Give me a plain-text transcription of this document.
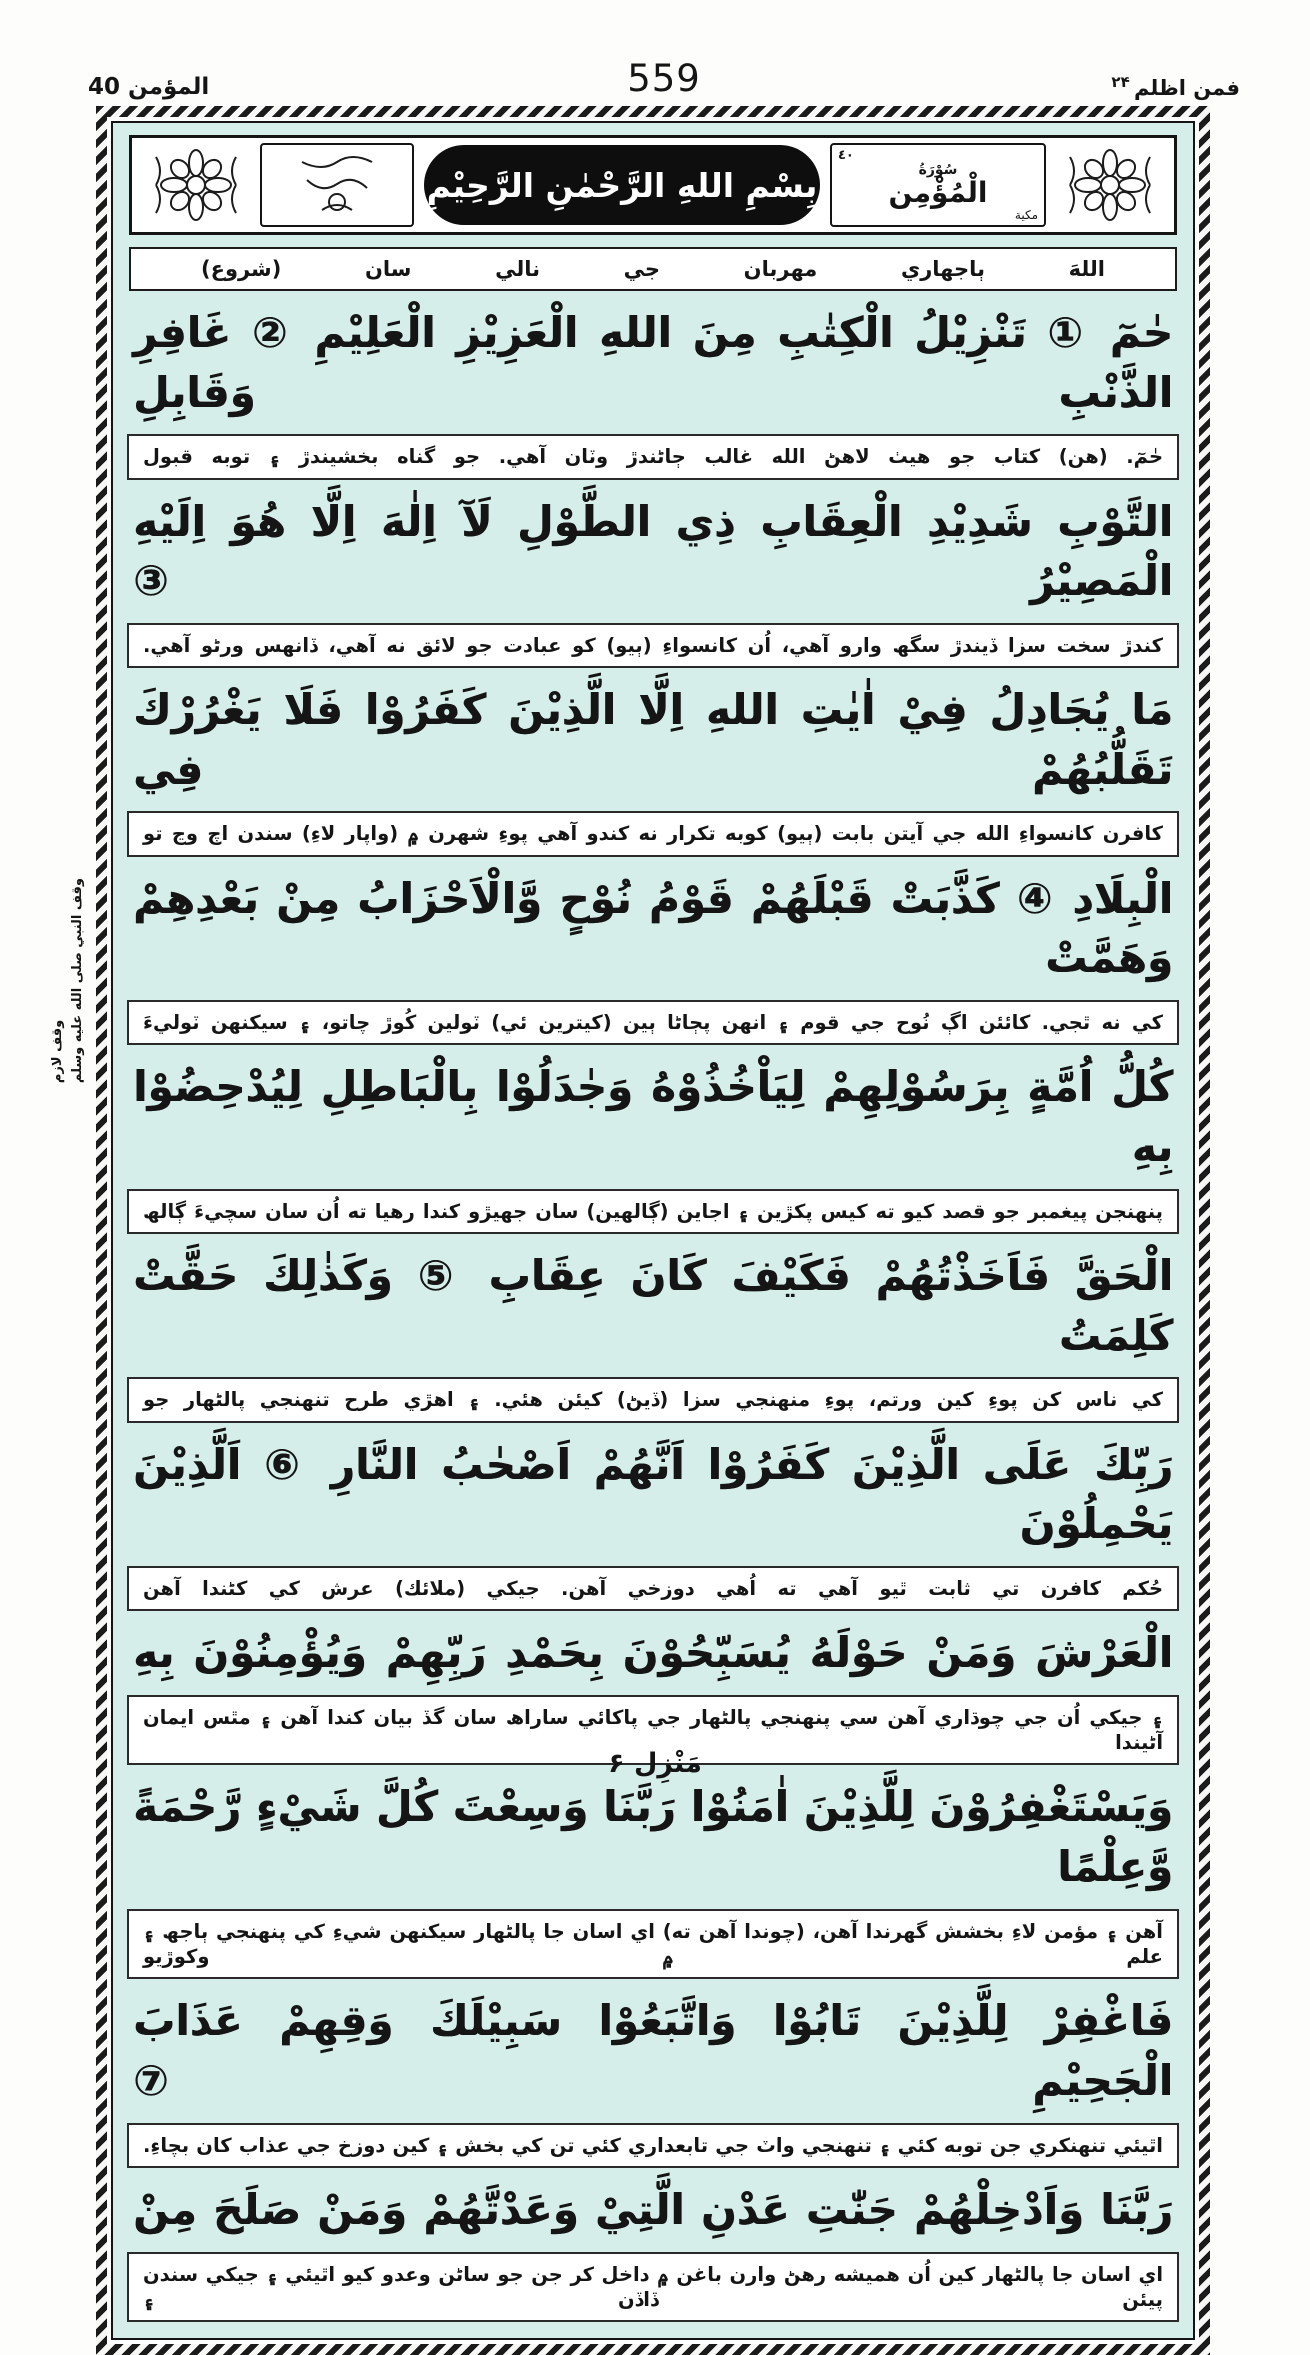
المؤمن 40	559	فمن اظلم $^{۲۴}$
بِسْمِ اللهِ الرَّحْمٰنِ الرَّحِيْمِ
٤٠
سُوْرَةُ
الْمُؤْمِن
مكية
اللهَ ٻاجھاري مهربان جي نالي سان (شروع)
حٰمٓ ① تَنْزِيْلُ الْكِتٰبِ مِنَ اللهِ الْعَزِيْزِ الْعَلِيْمِ ② غَافِرِ الذَّنْبِ وَقَابِلِ
حٰمٓ. (هن) كتاب جو هيٺ لاهڻ الله غالب ڄاڻندڙ وٽان آهي. جو گناه بخشيندڙ ۽ توبه قبول
التَّوْبِ شَدِيْدِ الْعِقَابِ ذِي الطَّوْلِ لَآ اِلٰهَ اِلَّا هُوَ اِلَيْهِ الْمَصِيْرُ ③
كندڙ سخت سزا ڏيندڙ سگھ وارو آهي، اُن كانسواءِ (ٻيو) كو عبادت جو لائق نه آهي، ڏانهس ورڻو آهي.
مَا يُجَادِلُ فِيْ اٰيٰتِ اللهِ اِلَّا الَّذِيْنَ كَفَرُوْا فَلَا يَغْرُرْكَ تَقَلُّبُهُمْ فِي
كافرن كانسواءِ الله جي آيتن بابت (ٻيو) كوبه تكرار نه كندو آهي پوءِ شهرن ۾ (واپار لاءِ) سندن اچ وڃ تو
الْبِلَادِ ④ كَذَّبَتْ قَبْلَهُمْ قَوْمُ نُوْحٍ وَّالْاَحْزَابُ مِنْ بَعْدِهِمْ وَهَمَّتْ
كي نه ٿجي. كائئن اڳ نُوح جي قوم ۽ انهن پڄاڻا ٻين (كيترين ئي) ٽولين كُوڙ چاتو، ۽ سيكنهن ٽوليءَ
كُلُّ اُمَّةٍ بِرَسُوْلِهِمْ لِيَاْخُذُوْهُ وَجٰدَلُوْا بِالْبَاطِلِ لِيُدْحِضُوْا بِهِ
پنهنجن پيغمبر جو قصد كيو ته كيس پكڙين ۽ اجاين (ڳالهين) سان جهيڙو كندا رهيا ته اُن سان سچيءَ ڳالھ
الْحَقَّ فَاَخَذْتُهُمْ فَكَيْفَ كَانَ عِقَابِ ⑤ وَكَذٰلِكَ حَقَّتْ كَلِمَتُ
كي ناس كن پوءِ كين ورتم، پوءِ منهنجي سزا (ڏيڻ) كيئن هئي. ۽ اهڙي طرح تنهنجي پالڻهار جو
رَبِّكَ عَلَى الَّذِيْنَ كَفَرُوْا اَنَّهُمْ اَصْحٰبُ النَّارِ ⑥ اَلَّذِيْنَ يَحْمِلُوْنَ
حُكم كافرن تي ثابت ٿيو آهي ته اُهي دوزخي آهن. جيكي (ملائك) عرش كي كڻندا آهن
الْعَرْشَ وَمَنْ حَوْلَهُ يُسَبِّحُوْنَ بِحَمْدِ رَبِّهِمْ وَيُؤْمِنُوْنَ بِهِ
۽ جيكي اُن جي چوڌاري آهن سي پنهنجي پالڻهار جي پاكائي ساراھ سان گڏ بيان كندا آهن ۽ مٿس ايمان آڻيندا
وَيَسْتَغْفِرُوْنَ لِلَّذِيْنَ اٰمَنُوْا رَبَّنَا وَسِعْتَ كُلَّ شَيْءٍ رَّحْمَةً وَّعِلْمًا
آهن ۽ مؤمن لاءِ بخشش گهرندا آهن، (چوندا آهن ته) اي اسان جا پالڻهار سيكنهن شيءِ كي پنهنجي ٻاجھ ۽ علم ۾ وكوڙيو
فَاغْفِرْ لِلَّذِيْنَ تَابُوْا وَاتَّبَعُوْا سَبِيْلَكَ وَقِهِمْ عَذَابَ الْجَحِيْمِ ⑦
اٿيئي تنهنكري جن توبه كئي ۽ تنهنجي واٽ جي تابعداري كئي تن كي بخش ۽ كين دوزخ جي عذاب كان بچاءِ.
رَبَّنَا وَاَدْخِلْهُمْ جَنّٰتِ عَدْنِ الَّتِيْ وَعَدْتَّهُمْ وَمَنْ صَلَحَ مِنْ
اي اسان جا پالڻهار كين اُن هميشه رهڻ وارن باغن ۾ داخل كر جن جو ساڻن وعدو كيو اٿيئي ۽ جيكي سندن پيئن ڏاڏن ۽
وقف لازم وقف النبي صلى الله عليه وسلم
مَنْزِل ۶
